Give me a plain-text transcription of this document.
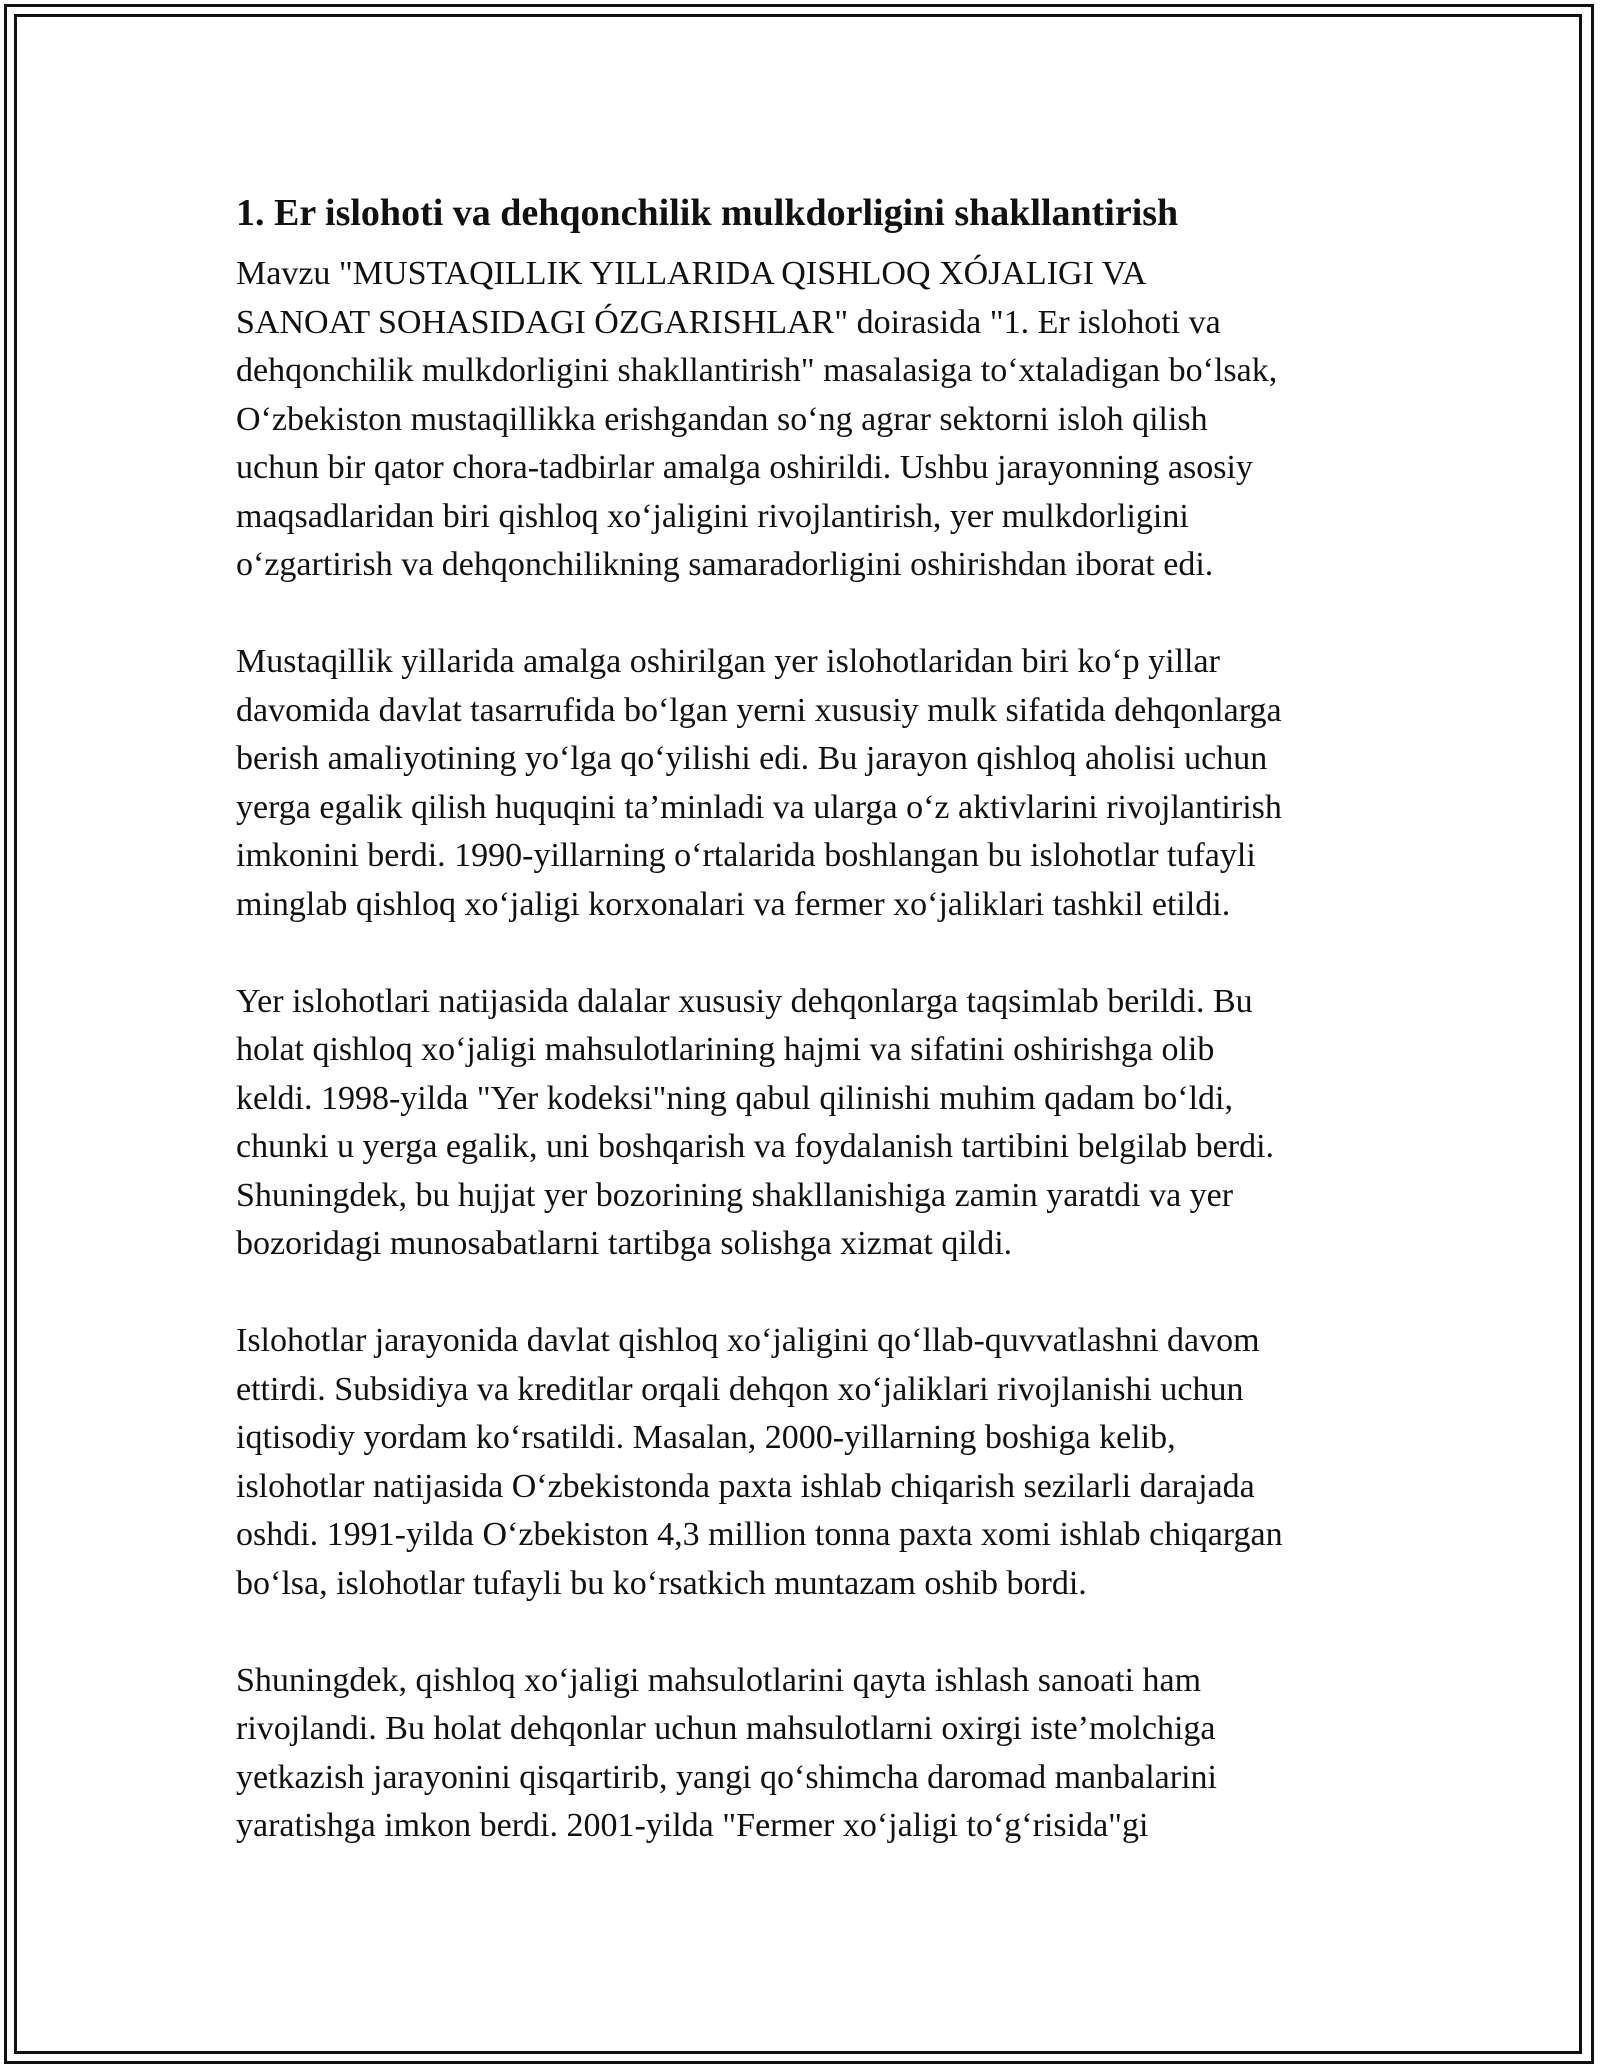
1. Er islohoti va dehqonchilik mulkdorligini shakllantirish
Mavzu "MUSTAQILLIK YILLARIDA QISHLOQ XÓJALIGI VA
SANOAT SOHASIDAGI ÓZGARISHLAR" doirasida "1. Er islohoti va
dehqonchilik mulkdorligini shakllantirish" masalasiga toʻxtaladigan boʻlsak,
Oʻzbekiston mustaqillikka erishgandan soʻng agrar sektorni isloh qilish
uchun bir qator chora-tadbirlar amalga oshirildi. Ushbu jarayonning asosiy
maqsadlaridan biri qishloq xoʻjaligini rivojlantirish, yer mulkdorligini
oʻzgartirish va dehqonchilikning samaradorligini oshirishdan iborat edi.
Mustaqillik yillarida amalga oshirilgan yer islohotlaridan biri koʻp yillar
davomida davlat tasarrufida boʻlgan yerni xususiy mulk sifatida dehqonlarga
berish amaliyotining yoʻlga qoʻyilishi edi. Bu jarayon qishloq aholisi uchun
yerga egalik qilish huquqini ta’minladi va ularga oʻz aktivlarini rivojlantirish
imkonini berdi. 1990-yillarning oʻrtalarida boshlangan bu islohotlar tufayli
minglab qishloq xoʻjaligi korxonalari va fermer xoʻjaliklari tashkil etildi.
Yer islohotlari natijasida dalalar xususiy dehqonlarga taqsimlab berildi. Bu
holat qishloq xoʻjaligi mahsulotlarining hajmi va sifatini oshirishga olib
keldi. 1998-yilda "Yer kodeksi"ning qabul qilinishi muhim qadam boʻldi,
chunki u yerga egalik, uni boshqarish va foydalanish tartibini belgilab berdi.
Shuningdek, bu hujjat yer bozorining shakllanishiga zamin yaratdi va yer
bozoridagi munosabatlarni tartibga solishga xizmat qildi.
Islohotlar jarayonida davlat qishloq xoʻjaligini qoʻllab-quvvatlashni davom
ettirdi. Subsidiya va kreditlar orqali dehqon xoʻjaliklari rivojlanishi uchun
iqtisodiy yordam koʻrsatildi. Masalan, 2000-yillarning boshiga kelib,
islohotlar natijasida Oʻzbekistonda paxta ishlab chiqarish sezilarli darajada
oshdi. 1991-yilda Oʻzbekiston 4,3 million tonna paxta xomi ishlab chiqargan
boʻlsa, islohotlar tufayli bu koʻrsatkich muntazam oshib bordi.
Shuningdek, qishloq xoʻjaligi mahsulotlarini qayta ishlash sanoati ham
rivojlandi. Bu holat dehqonlar uchun mahsulotlarni oxirgi iste’molchiga
yetkazish jarayonini qisqartirib, yangi qoʻshimcha daromad manbalarini
yaratishga imkon berdi. 2001-yilda "Fermer xoʻjaligi toʻgʻrisida"gi
